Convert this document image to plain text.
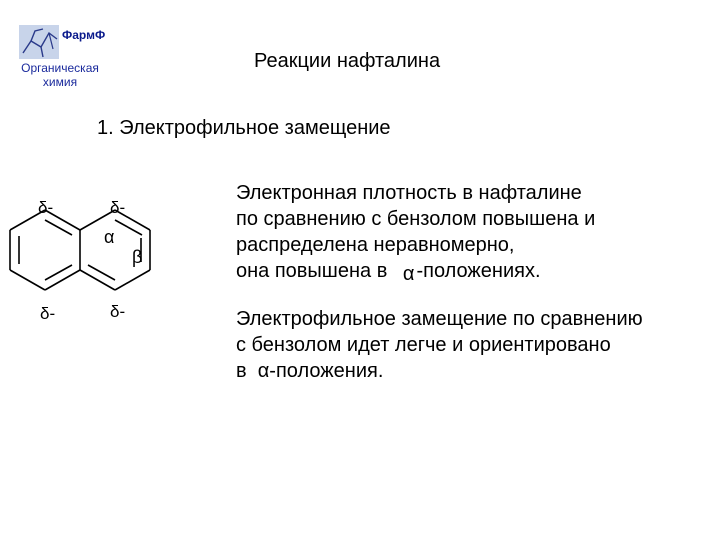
ФармФ
Органическая
химия
Реакции нафталина
1. Электрофильное замещение
δ-	δ-
δ-	δ-
α
β
Электронная плотность в нафталине
по сравнению с бензолом повышена и
распределена неравномерно,
она повышена в α -положениях.
Электрофильное замещение по сравнению
с бензолом идет легче и ориентировано
в  α-положения.
